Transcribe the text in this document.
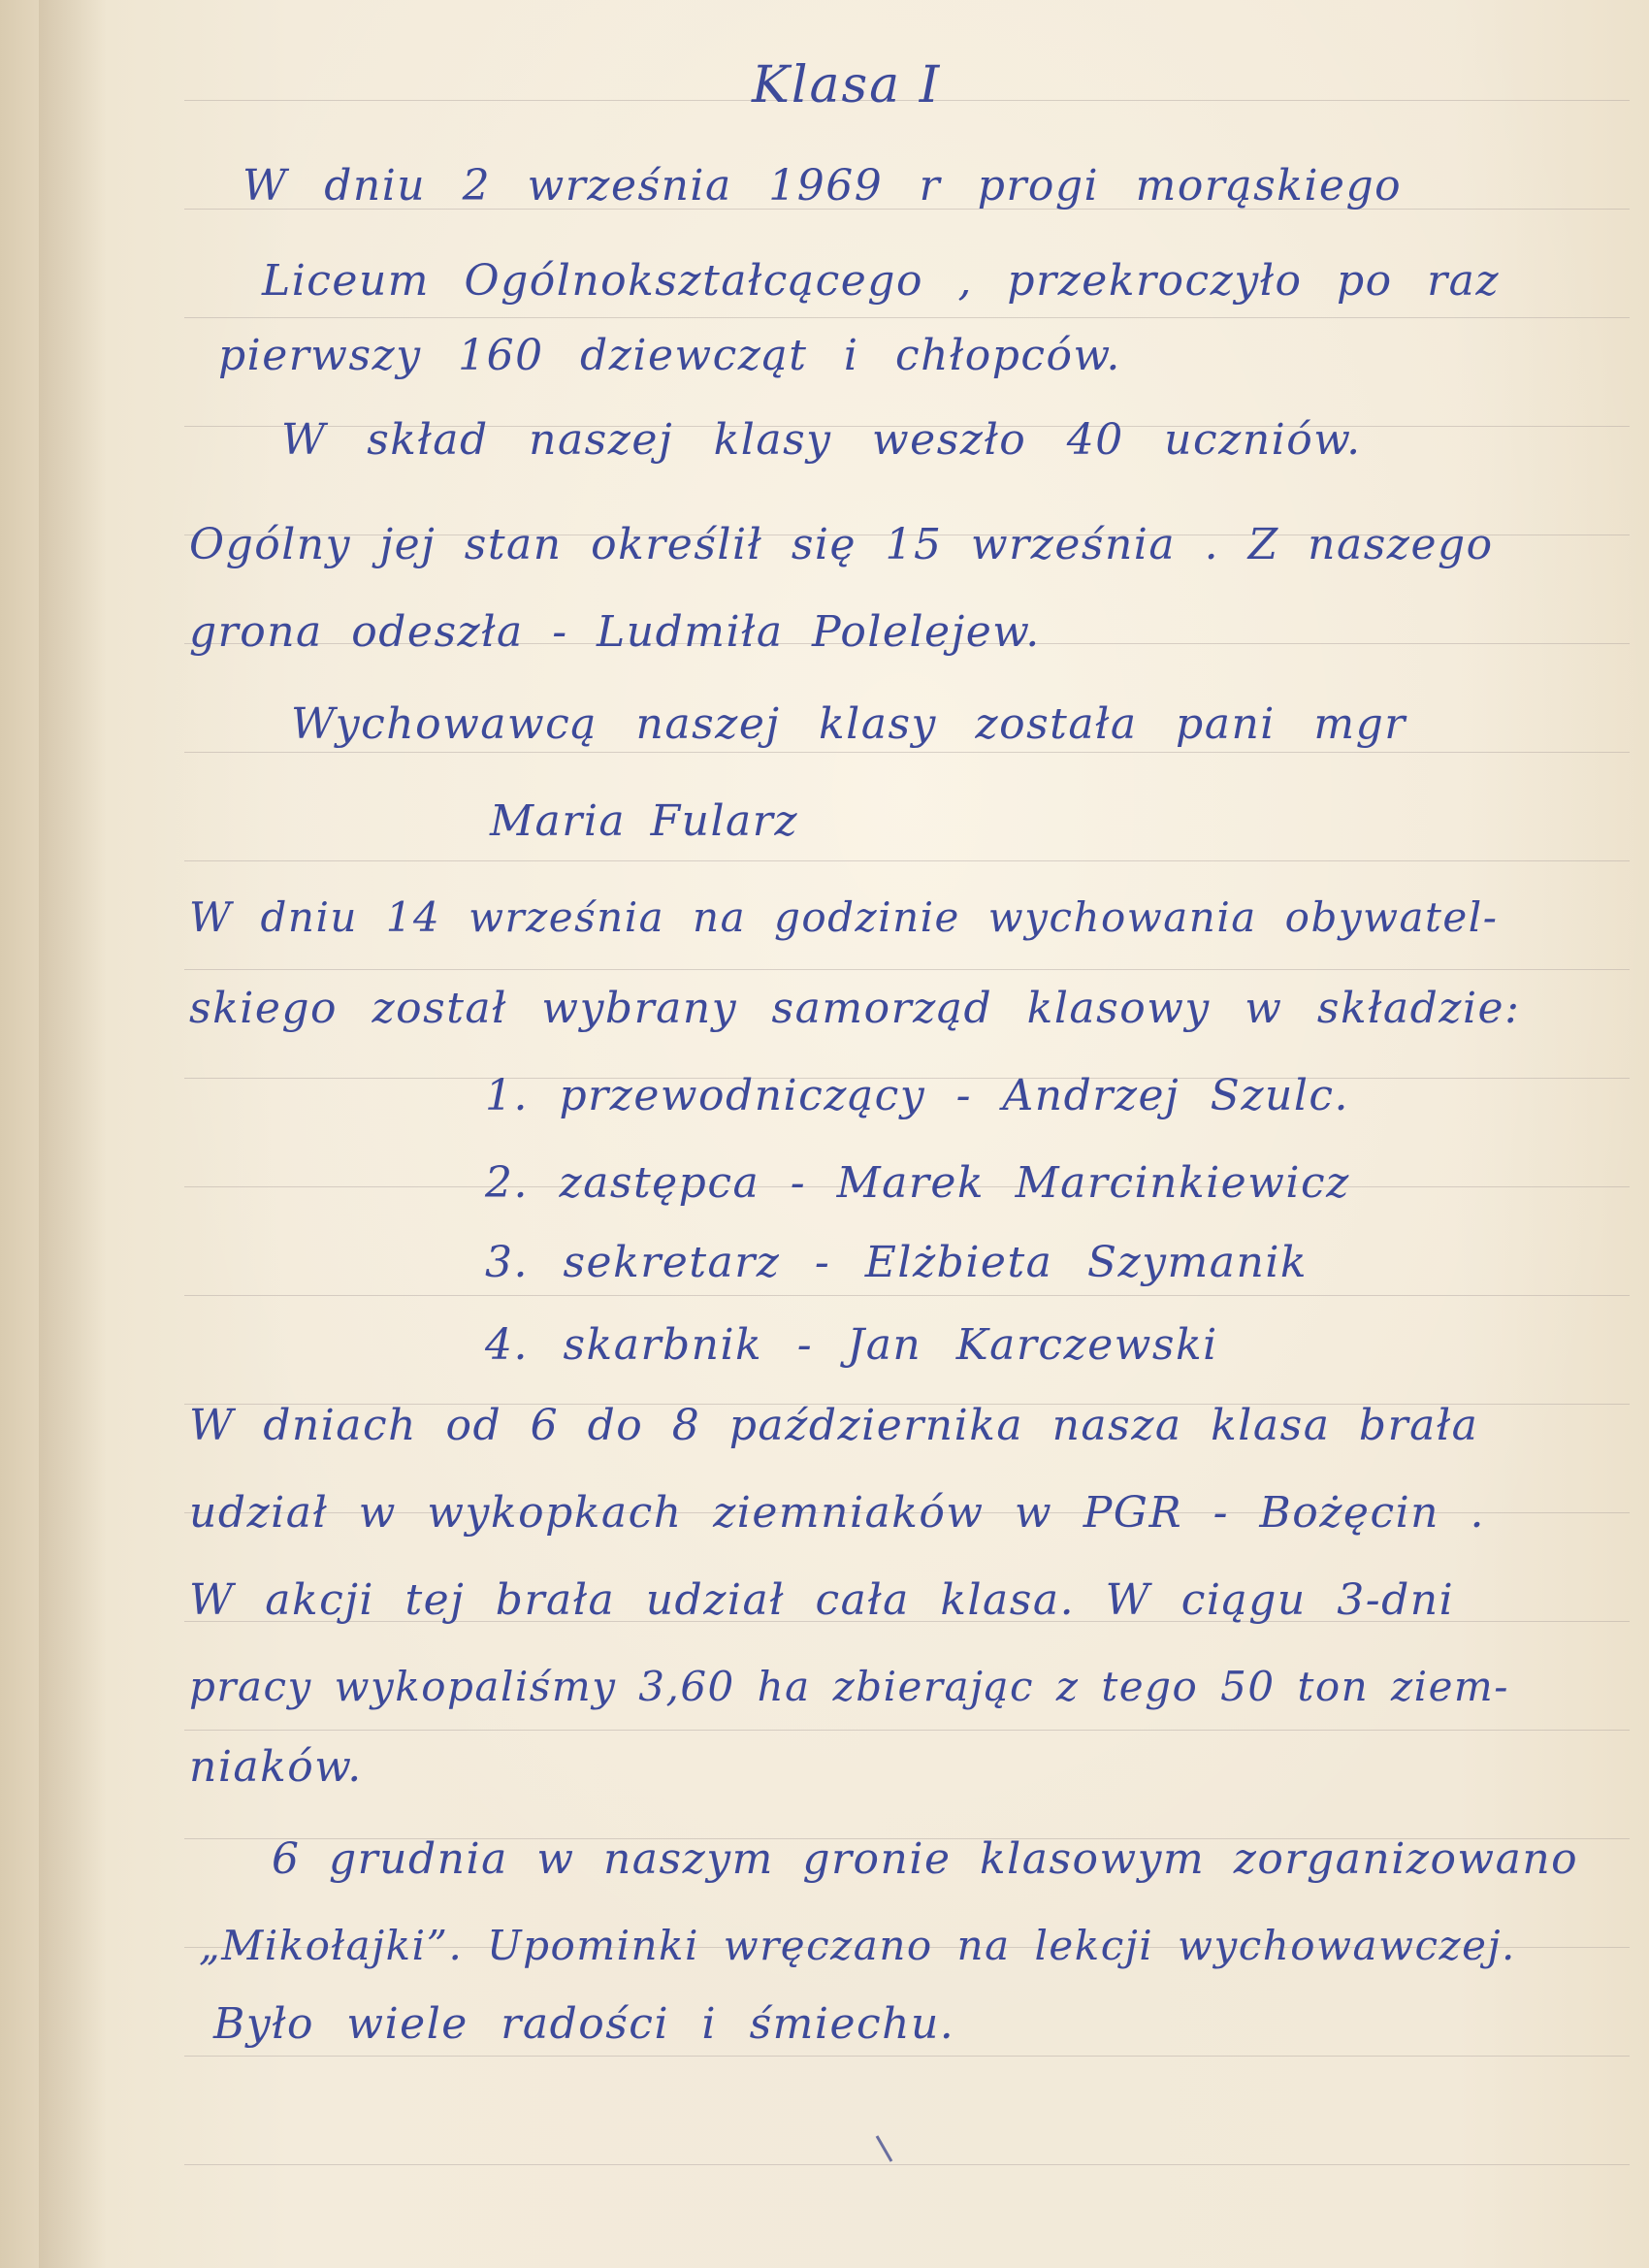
Klasa I

W dniu 2 września 1969 r progi morąskiego

Liceum Ogólnokształcącego , przekroczyło po raz

pierwszy 160 dziewcząt i chłopców.

W skład naszej klasy weszło 40 uczniów.

Ogólny jej stan określił się 15 września . Z naszego

grona odeszła - Ludmiła Polelejew.

Wychowawcą naszej klasy została pani mgr

Maria Fularz

W dniu 14 września na godzinie wychowania obywatel-

skiego został wybrany samorząd klasowy w składzie:

1. przewodniczący - Andrzej Szulc.

2. zastępca - Marek Marcinkiewicz

3. sekretarz - Elżbieta Szymanik

4. skarbnik - Jan Karczewski

W dniach od 6 do 8 października nasza klasa brała

udział w wykopkach ziemniaków w PGR - Bożęcin .

W akcji tej brała udział cała klasa. W ciągu 3-dni

pracy wykopaliśmy 3,60 ha zbierając z tego 50 ton ziem-

niaków.

6 grudnia w naszym gronie klasowym zorganizowano

„Mikołajki”. Upominki wręczano na lekcji wychowawczej.

Było wiele radości i śmiechu.
